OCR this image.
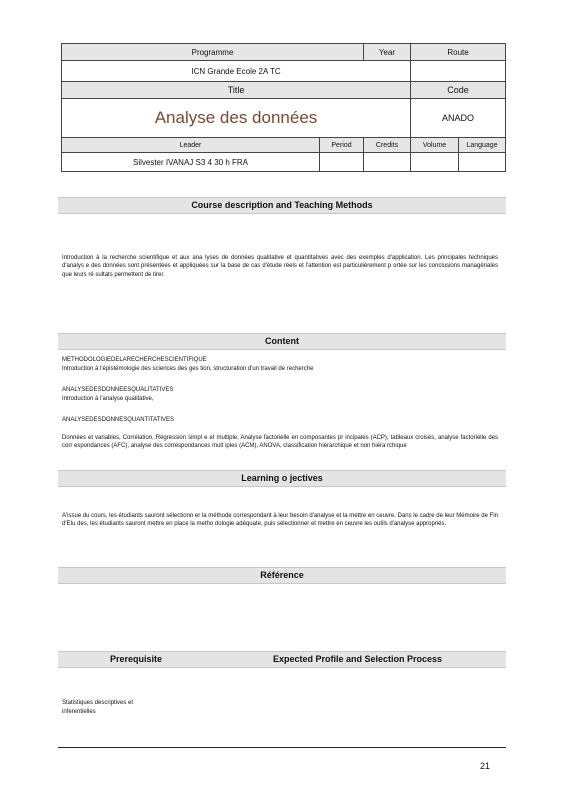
Programme		Year	Route	
ICN Grande Ecole 2A TC				
Title			Code	
Analyse des données			ANADO	
Leader	Period	Credits	Volume	Language
Silvester IVANAJ S3 4 30 h FRA				
Course description and Teaching Methods
Introduction à la recherche scientifique et aux ana lyses de données qualitative et quantitatives avec des exemples d'application. Les principales techniques d'analys e des données sont présentées et appliquées sur la base de cas d'étude réels et l'attention est particulièrement p ortée sur les conclusions managériales que leurs ré sultats permettent de tirer.
Content
METHODOLOGIEDELARECHERCHESCIENTIFIQUE
Introduction à l'épistémologie des sciences des ges tion, structuration d'un travail de recherche
ANALYSEDESDONNEESQUALITATIVES
Introduction à l'analyse qualitative,
ANALYSEDESDONNESQUANTITATIVES
Données et variables, Corrélation, Régression simpl e et multiple, Analyse factorielle en composantes pr incipales (ACP), tableaux croisés, analyse factorielle des corr espondances (AFC), analyse des correspondances mult iples (ACM), ANOVA, classification hiérarchique et non hiéra rchique
Learning o jectives
A'issue du cours, les étudiants sauront sélectionn er la méthode correspondant à leur besoin d'analyse et la mettre en ceuvre. Dans le cadre de leur Mémoire de Fin d'Etu des, les étudiants sauront mettre en place la metho dologie adéquate, puis sélectionner et mettre en ceuvre les outils d'analyse appropriés.
Référence
Prerequisite	Expected Profile and Selection Process
Statistiques descriptives et
inferentielles
21
